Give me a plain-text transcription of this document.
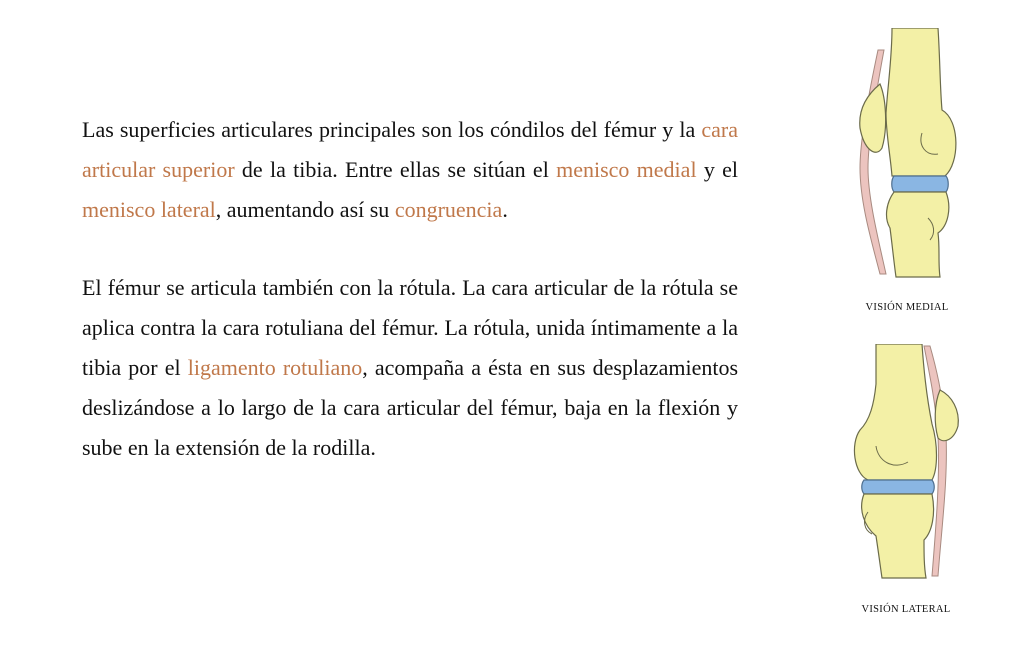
Las superficies articulares principales son los cóndilos del fémur y la cara articular superior de la tibia. Entre ellas se sitúan el menisco medial y el menisco lateral, aumentando así su congruencia.

El fémur se articula también con la rótula. La cara articular de la rótula se aplica contra la cara rotuliana del fémur. La rótula, unida íntimamente a la tibia por el ligamento rotuliano, acompaña a ésta en sus desplazamientos deslizándose a lo largo de la cara articular del fémur, baja en la flexión y sube en la extensión de la rodilla.

VISIÓN MEDIAL
VISIÓN LATERAL
